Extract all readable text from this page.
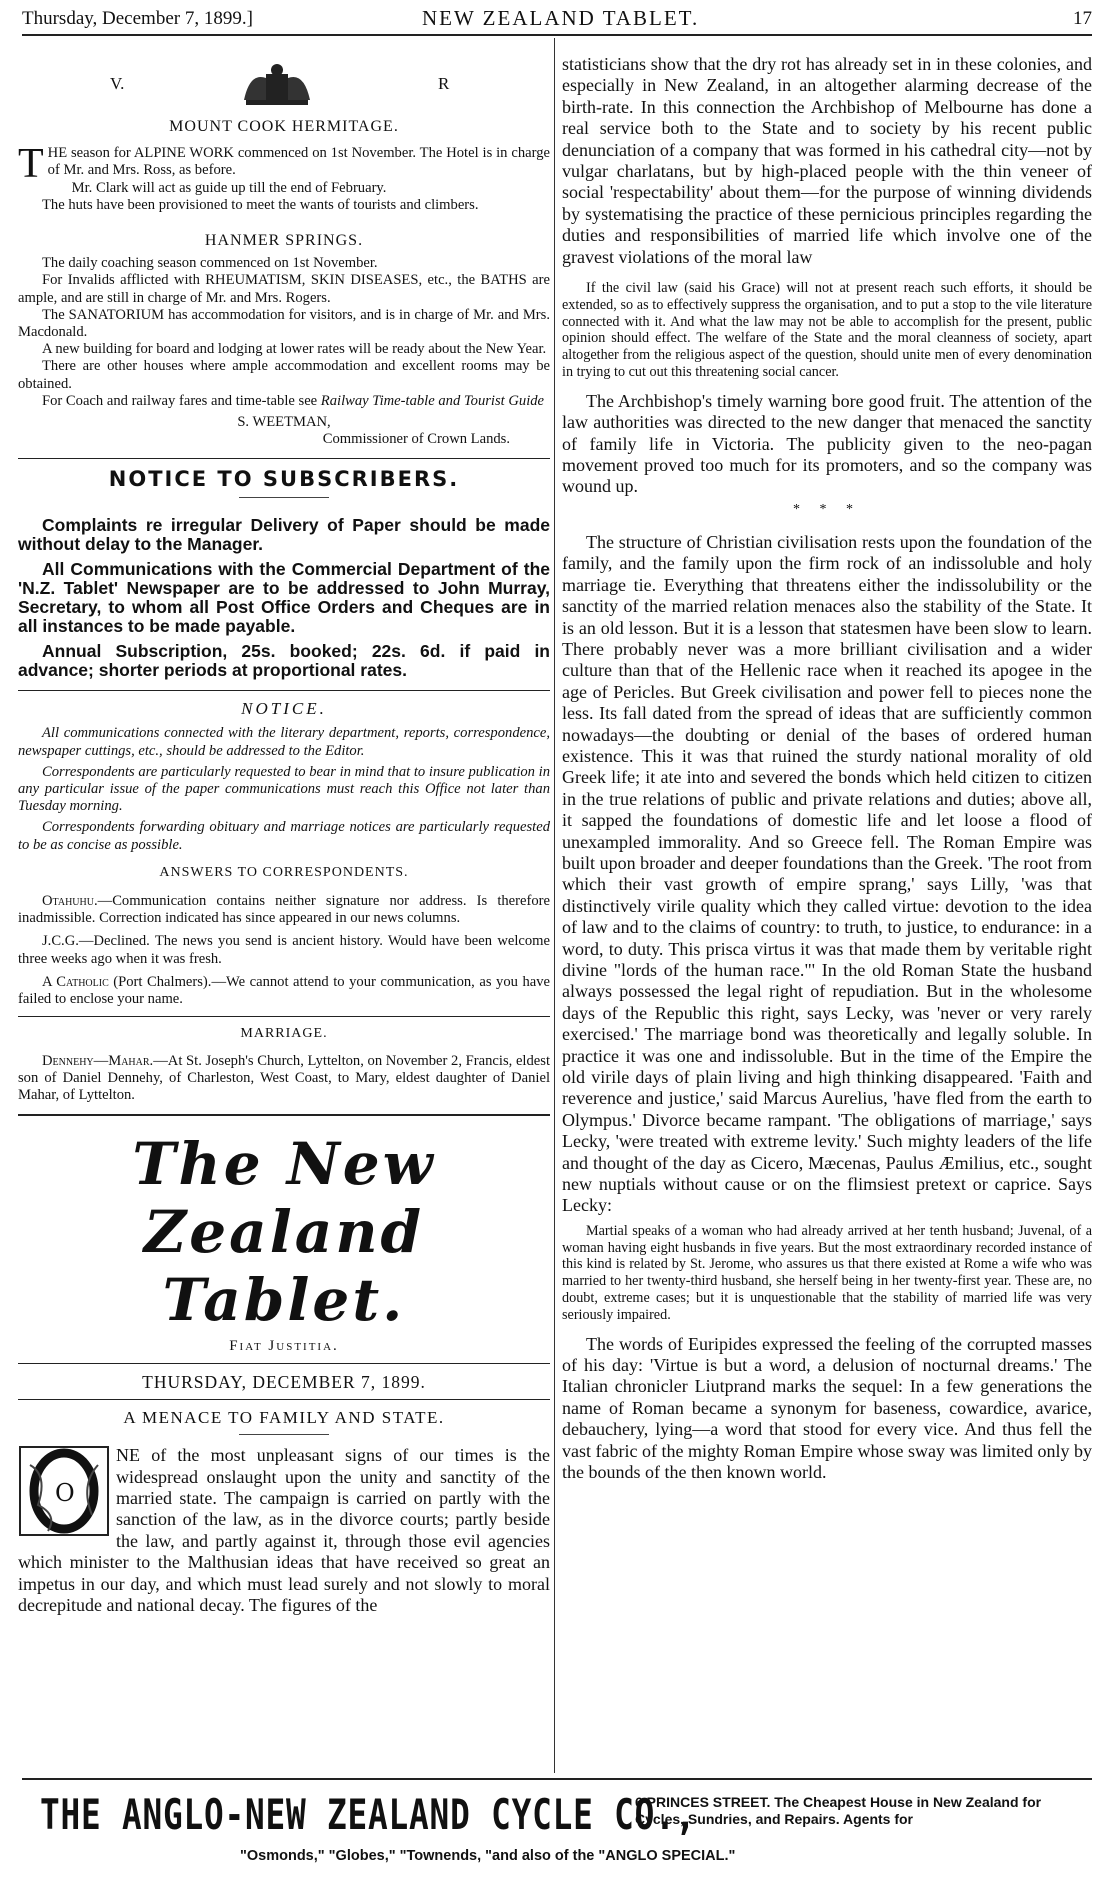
Thursday, December 7, 1899.]	NEW ZEALAND TABLET.	17
V.	R
MOUNT COOK HERMITAGE.

THE season for ALPINE WORK commenced on 1st November. The Hotel is in charge of Mr. and Mrs. Ross, as before.

Mr. Clark will act as guide up till the end of February.

The huts have been provisioned to meet the wants of tourists and climbers.

HANMER SPRINGS.

The daily coaching season commenced on 1st November.

For Invalids afflicted with RHEUMATISM, SKIN DISEASES, etc., the BATHS are ample, and are still in charge of Mr. and Mrs. Rogers.

The SANATORIUM has accommodation for visitors, and is in charge of Mr. and Mrs. Macdonald.

A new building for board and lodging at lower rates will be ready about the New Year.

There are other houses where ample accommodation and excellent rooms may be obtained.

For Coach and railway fares and time-table see Railway Time-table and Tourist Guide

S. WEETMAN,

Commissioner of Crown Lands.

NOTICE TO SUBSCRIBERS.

Complaints re irregular Delivery of Paper should be made without delay to the Manager.

All Communications with the Commercial Department of the 'N.Z. Tablet' Newspaper are to be addressed to John Murray, Secretary, to whom all Post Office Orders and Cheques are in all instances to be made payable.

Annual Subscription, 25s. booked; 22s. 6d. if paid in advance; shorter periods at proportional rates.

NOTICE.

All communications connected with the literary department, reports, correspondence, newspaper cuttings, etc., should be addressed to the Editor.

Correspondents are particularly requested to bear in mind that to insure publication in any particular issue of the paper communications must reach this Office not later than Tuesday morning.

Correspondents forwarding obituary and marriage notices are particularly requested to be as concise as possible.

ANSWERS TO CORRESPONDENTS.

Otahuhu.—Communication contains neither signature nor address. Is therefore inadmissible. Correction indicated has since appeared in our news columns.

J.C.G.—Declined. The news you send is ancient history. Would have been welcome three weeks ago when it was fresh.

A Catholic (Port Chalmers).—We cannot attend to your communication, as you have failed to enclose your name.

MARRIAGE.

Dennehy—Mahar.—At St. Joseph's Church, Lyttelton, on November 2, Francis, eldest son of Daniel Dennehy, of Charleston, West Coast, to Mary, eldest daughter of Daniel Mahar, of Lyttelton.

The New Zealand Tablet.

Fiat Justitia.

THURSDAY, DECEMBER 7, 1899.

A MENACE TO FAMILY AND STATE.
O

NE of the most unpleasant signs of our times is the widespread onslaught upon the unity and sanctity of the married state. The campaign is carried on partly with the sanction of the law, as in the divorce courts; partly beside the law, and partly against it, through those evil agencies which minister to the Malthusian ideas that have received so great an impetus in our day, and which must lead surely and not slowly to moral decrepitude and national decay. The figures of the

statisticians show that the dry rot has already set in in these colonies, and especially in New Zealand, in an altogether alarming decrease of the birth-rate. In this connection the Archbishop of Melbourne has done a real service both to the State and to society by his recent public denunciation of a company that was formed in his cathedral city—not by vulgar charlatans, but by high-placed people with the thin veneer of social 'respectability' about them—for the purpose of winning dividends by systematising the practice of these pernicious principles regarding the duties and responsibilities of married life which involve one of the gravest violations of the moral law

If the civil law (said his Grace) will not at present reach such efforts, it should be extended, so as to effectively suppress the organisation, and to put a stop to the vile literature connected with it. And what the law may not be able to accomplish for the present, public opinion should effect. The welfare of the State and the moral cleanness of society, apart altogether from the religious aspect of the question, should unite men of every denomination in trying to cut out this threatening social cancer.

The Archbishop's timely warning bore good fruit. The attention of the law authorities was directed to the new danger that menaced the sanctity of family life in Victoria. The publicity given to the neo-pagan movement proved too much for its promoters, and so the company was wound up.

* * *

The structure of Christian civilisation rests upon the foundation of the family, and the family upon the firm rock of an indissoluble and holy marriage tie. Everything that threatens either the indissolubility or the sanctity of the married relation menaces also the stability of the State. It is an old lesson. But it is a lesson that statesmen have been slow to learn. There probably never was a more brilliant civilisation and a wider culture than that of the Hellenic race when it reached its apogee in the age of Pericles. But Greek civilisation and power fell to pieces none the less. Its fall dated from the spread of ideas that are sufficiently common nowadays—the doubting or denial of the bases of ordered human existence. This it was that ruined the sturdy national morality of old Greek life; it ate into and severed the bonds which held citizen to citizen in the true relations of public and private relations and duties; above all, it sapped the foundations of domestic life and let loose a flood of unexampled immorality. And so Greece fell. The Roman Empire was built upon broader and deeper foundations than the Greek. 'The root from which their vast growth of empire sprang,' says Lilly, 'was that distinctively virile quality which they called virtue: devotion to the idea of law and to the claims of country: to truth, to justice, to endurance: in a word, to duty. This prisca virtus it was that made them by veritable right divine "lords of the human race."' In the old Roman State the husband always possessed the legal right of repudiation. But in the wholesome days of the Republic this right, says Lecky, was 'never or very rarely exercised.' The marriage bond was theoretically and legally soluble. In practice it was one and indissoluble. But in the time of the Empire the old virile days of plain living and high thinking disappeared. 'Faith and reverence and justice,' said Marcus Aurelius, 'have fled from the earth to Olympus.' Divorce became rampant. 'The obligations of marriage,' says Lecky, 'were treated with extreme levity.' Such mighty leaders of the life and thought of the day as Cicero, Mæcenas, Paulus Æmilius, etc., sought new nuptials without cause or on the flimsiest pretext or caprice. Says Lecky:

Martial speaks of a woman who had already arrived at her tenth husband; Juvenal, of a woman having eight husbands in five years. But the most extraordinary recorded instance of this kind is related by St. Jerome, who assures us that there existed at Rome a wife who was married to her twenty-third husband, she herself being in her twenty-first year. These are, no doubt, extreme cases; but it is unquestionable that the stability of married life was very seriously impaired.

The words of Euripides expressed the feeling of the corrupted masses of his day: 'Virtue is but a word, a delusion of nocturnal dreams.' The Italian chronicler Liutprand marks the sequel: In a few generations the name of Roman became a synonym for baseness, cowardice, avarice, debauchery, lying—a word that stood for every vice. And thus fell the vast fabric of the mighty Roman Empire whose sway was limited only by the bounds of the then known world.

THE ANGLO-NEW ZEALAND CYCLE CO.,
6 PRINCES STREET. The Cheapest House in New Zealand for Cycles, Sundries, and Repairs. Agents for
"Osmonds," "Globes," "Townends, "and also of the "ANGLO SPECIAL."
